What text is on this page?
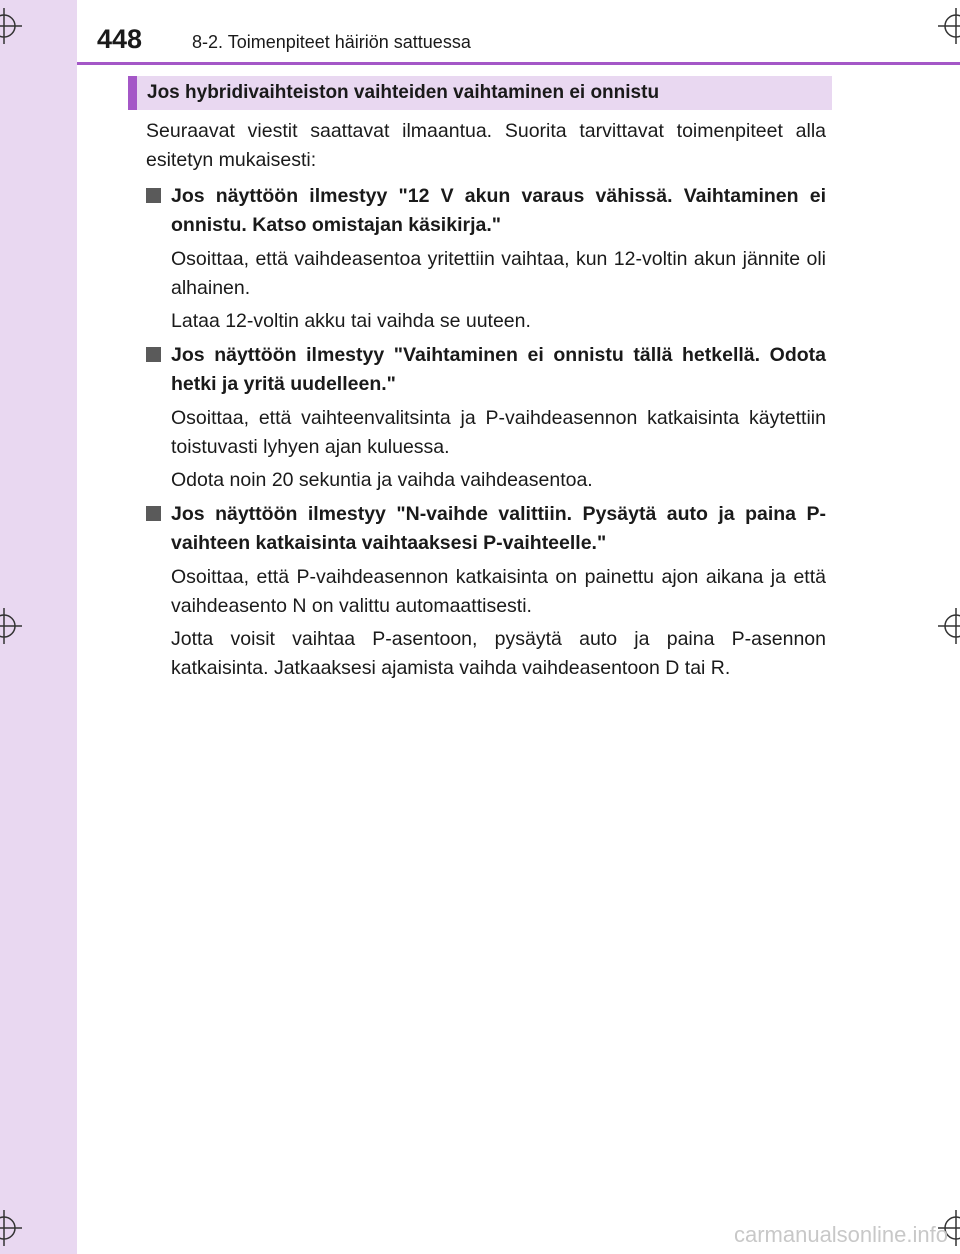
448	8-2. Toimenpiteet häiriön sattuessa
Jos hybridivaihteiston vaihteiden vaihtaminen ei onnistu

Seuraavat viestit saattavat ilmaantua. Suorita tarvittavat toimenpiteet alla esitetyn mukaisesti:

Jos näyttöön ilmestyy "12 V akun varaus vähissä. Vaihtaminen ei onnistu. Katso omistajan käsikirja."

Osoittaa, että vaihdeasentoa yritettiin vaihtaa, kun 12-voltin akun jännite oli alhainen.

Lataa 12-voltin akku tai vaihda se uuteen.

Jos näyttöön ilmestyy "Vaihtaminen ei onnistu tällä hetkellä. Odota hetki ja yritä uudelleen."

Osoittaa, että vaihteenvalitsinta ja P-vaihdeasennon katkaisinta käytettiin toistuvasti lyhyen ajan kuluessa.

Odota noin 20 sekuntia ja vaihda vaihdeasentoa.

Jos näyttöön ilmestyy "N-vaihde valittiin. Pysäytä auto ja paina P-vaihteen katkaisinta vaihtaaksesi P-vaihteelle."

Osoittaa, että P-vaihdeasennon katkaisinta on painettu ajon aikana ja että vaihdeasento N on valittu automaattisesti.

Jotta voisit vaihtaa P-asentoon, pysäytä auto ja paina P-asennon katkaisinta. Jatkaaksesi ajamista vaihda vaihdeasentoon D tai R.

carmanualsonline.info
